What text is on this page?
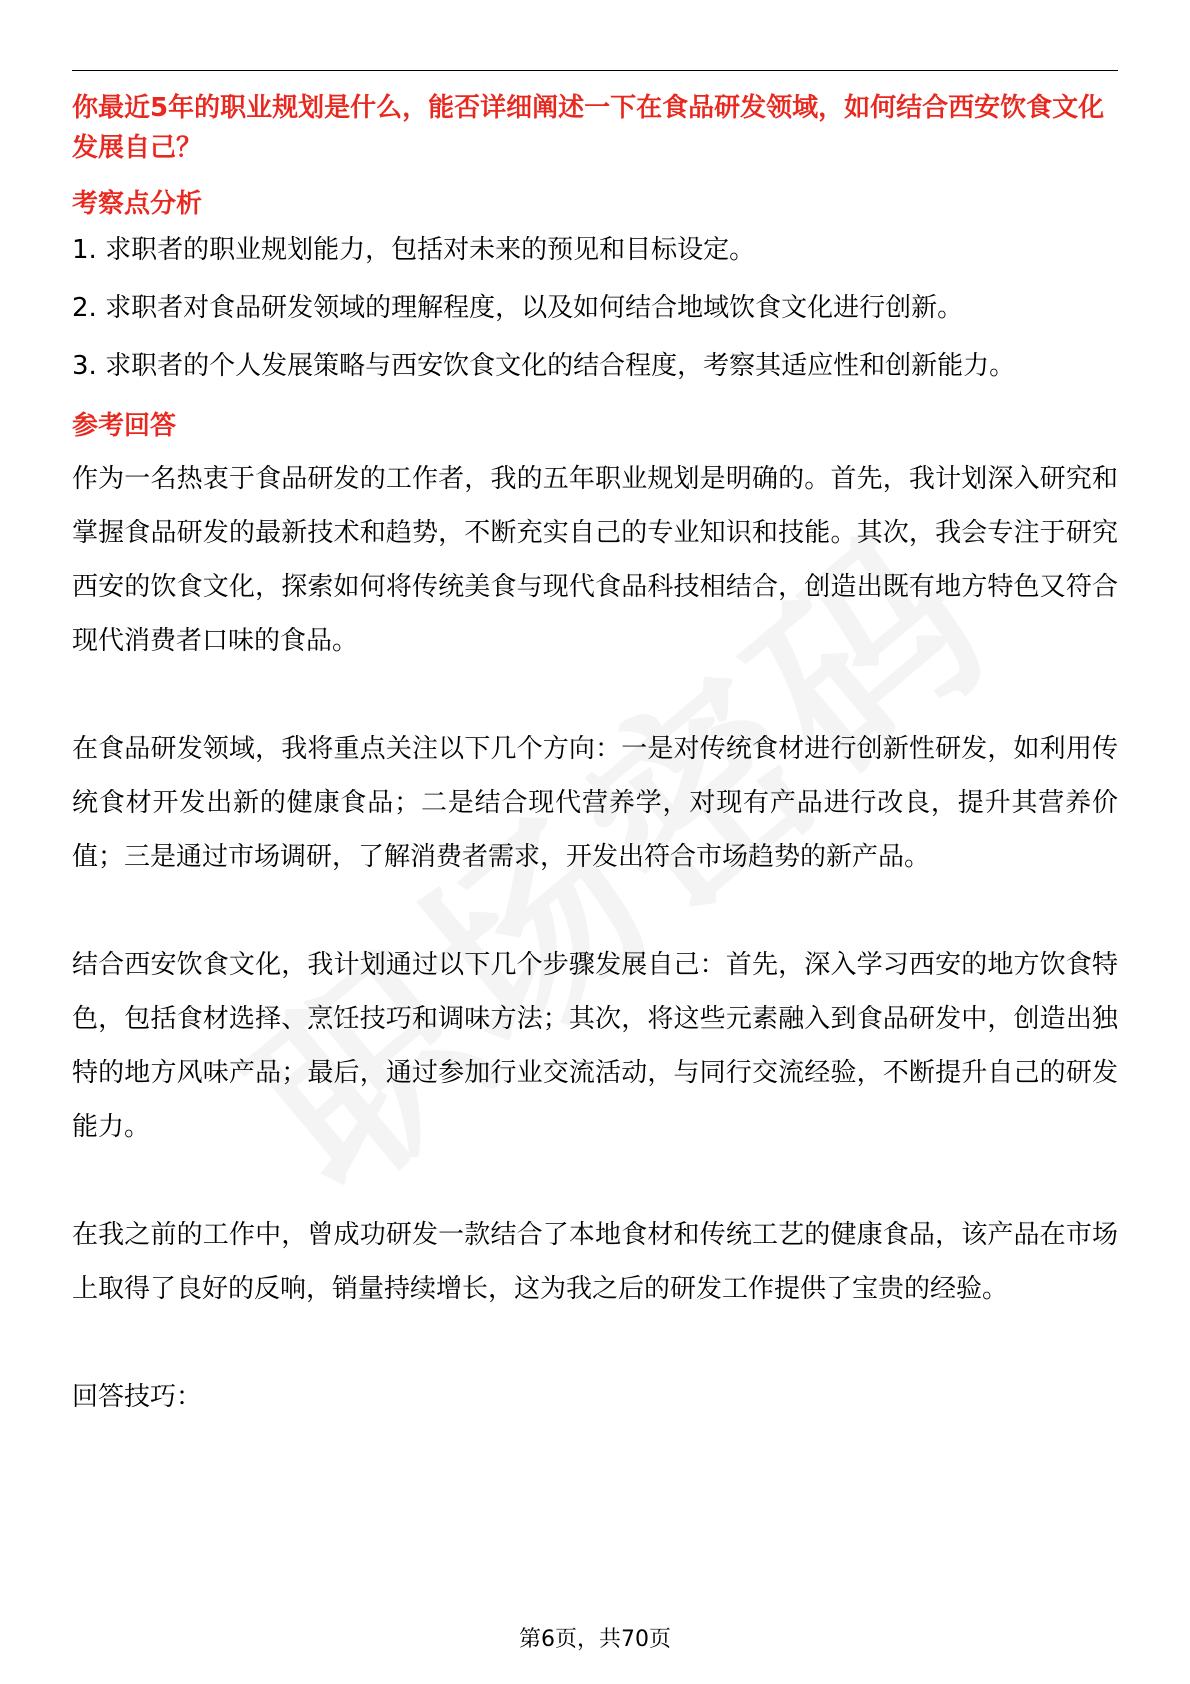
你最近5年的职业规划是什么，能否详细阐述一下在食品研发领域，如何结合西安饮食文化发展自己？

考察点分析

1. 求职者的职业规划能力，包括对未来的预见和目标设定。

2. 求职者对食品研发领域的理解程度，以及如何结合地域饮食文化进行创新。

3. 求职者的个人发展策略与西安饮食文化的结合程度，考察其适应性和创新能力。

参考回答

作为一名热衷于食品研发的工作者，我的五年职业规划是明确的。首先，我计划深入研究和掌握食品研发的最新技术和趋势，不断充实自己的专业知识和技能。其次，我会专注于研究西安的饮食文化，探索如何将传统美食与现代食品科技相结合，创造出既有地方特色又符合现代消费者口味的食品。

在食品研发领域，我将重点关注以下几个方向：一是对传统食材进行创新性研发，如利用传统食材开发出新的健康食品；二是结合现代营养学，对现有产品进行改良，提升其营养价值；三是通过市场调研，了解消费者需求，开发出符合市场趋势的新产品。

结合西安饮食文化，我计划通过以下几个步骤发展自己：首先，深入学习西安的地方饮食特色，包括食材选择、烹饪技巧和调味方法；其次，将这些元素融入到食品研发中，创造出独特的地方风味产品；最后，通过参加行业交流活动，与同行交流经验，不断提升自己的研发能力。

在我之前的工作中，曾成功研发一款结合了本地食材和传统工艺的健康食品，该产品在市场上取得了良好的反响，销量持续增长，这为我之后的研发工作提供了宝贵的经验。

回答技巧：

第6页，共70页
